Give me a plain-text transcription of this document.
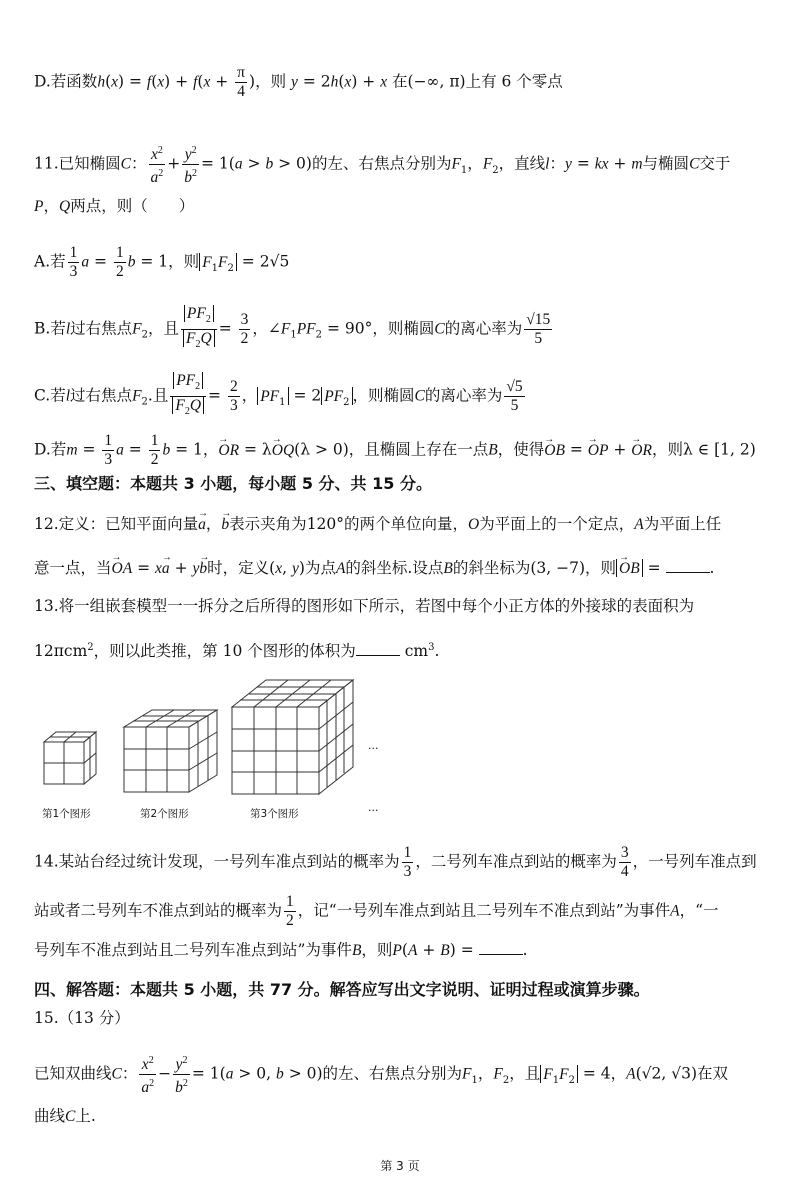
D.若函数$h(x) = f(x) + f(x + \frac{\pi}{4}$ )，则 y = 2h(x) + x 在(−∞, π)上有 6 个零点
11.已知椭圆C： $\frac{x^2}{a^2} + \frac{y^2}{b^2} = 1(a > b > 0)$的左、右焦点分别为$F_1$，$F_2$，直线l：y = kx + m与椭圆C交于
P，Q两点，则（　　）
A.若 $\frac{1}{3}$ $a = \frac{1}{2}$ b = 1，则 $F_1F_2 = 2√5$
B.若l过右焦点$F_2$，且 $\frac{PF_2}{F_2Q} = \frac{3}{2}$ ，$\angle F_1PF_2 = 90^\circ$，则椭圆C的离心率为 $\frac{√15}{5}$
C.若l过右焦点$F_2$.且 $\frac{PF_2}{F_2Q} = \frac{2}{3}$ ， $PF_1 = 2$ $PF_2$ ，则椭圆C的离心率为 $\frac{√5}{5}$
D.若$m = \frac{1}{3}$ $a = \frac{1}{2}$ b = 1，→ OR = λ→ OQ(λ > 0)，且椭圆上存在一点B，使得→ OB = → OP + → OR，则λ ∈ [1, 2)
三、填空题：本题共 3 小题，每小题 5 分、共 15 分。
12.定义：已知平面向量→ a，→ b表示夹角为120°的两个单位向量，O为平面上的一个定点，A为平面上任
意一点，当→ OA = x→ a + y→ b时，定义(x, y)为点A的斜坐标.设点B的斜坐标为(3, −7)，则→ OB =	.
13.将一组嵌套模型一一拆分之后所得的图形如下所示，若图中每个小正方体的外接球的表面积为
12πcm$^2$，则以此类推，第 10 个图形的体积为	$cm^3$.
第1个图形	第2个图形	第3个图形
…
…
14.某站台经过统计发现，一号列车准点到站的概率为 $\frac{1}{3}$ ，二号列车准点到站的概率为 $\frac{3}{4}$ ，一号列车准点到
站或者二号列车不准点到站的概率为 $\frac{1}{2}$ ，记“一号列车准点到站且二号列车不准点到站”为事件A，“一
号列车不准点到站且二号列车准点到站”为事件B，则P(A + B) =	.
四、解答题：本题共 5 小题，共 77 分。解答应写出文字说明、证明过程或演算步骤。
15.（13 分）
已知双曲线C： $\frac{x^2}{a^2} - \frac{y^2}{b^2} = 1(a > 0$, b > 0)的左、右焦点分别为$F_1$，$F_2$，且 $F_1F_2 = 4$，A(√2, √3)在双
曲线C上.
第 3 页
